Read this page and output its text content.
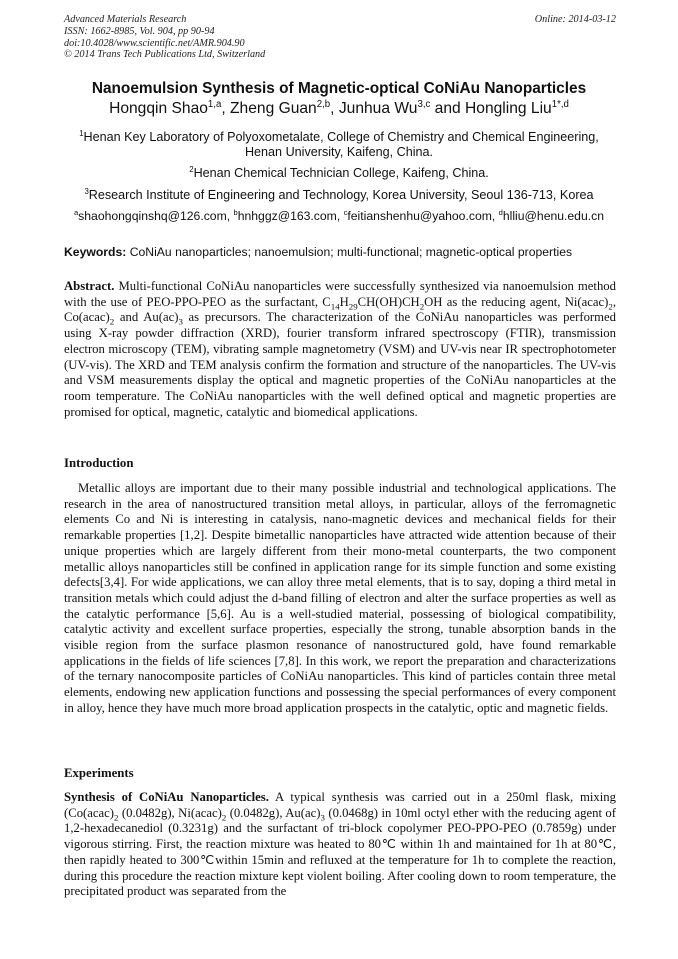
Advanced Materials Research
ISSN: 1662-8985, Vol. 904, pp 90-94
doi:10.4028/www.scientific.net/AMR.904.90
© 2014 Trans Tech Publications Ltd, Switzerland
Online: 2014-03-12
Nanoemulsion Synthesis of Magnetic-optical CoNiAu Nanoparticles
Hongqin Shao$^{1,a}$, Zheng Guan$^{2,b}$, Junhua Wu$^{3,c}$ and Hongling Liu$^{1*,d}$
$^1$Henan Key Laboratory of Polyoxometalate, College of Chemistry and Chemical Engineering,
Henan University, Kaifeng, China.
$^2$Henan Chemical Technician College, Kaifeng, China.
$^3$Research Institute of Engineering and Technology, Korea University, Seoul 136-713, Korea
$^a$shaohongqinshq@126.com, $^b$hnhggz@163.com, $^c$feitianshenhu@yahoo.com, $^d$hlliu@henu.edu.cn
Keywords: CoNiAu nanoparticles; nanoemulsion; multi-functional; magnetic-optical properties
Abstract. Multi-functional CoNiAu nanoparticles were successfully synthesized via nanoemulsion method with the use of PEO-PPO-PEO as the surfactant, $C_{14}H_{29}CH(OH)CH_2OH$ as the reducing agent, $Ni(acac)_2$, $Co(acac)_2$ and $Au(ac)_3$ as precursors. The characterization of the CoNiAu nanoparticles was performed using X-ray powder diffraction (XRD), fourier transform infrared spectroscopy (FTIR), transmission electron microscopy (TEM), vibrating sample magnetometry (VSM) and UV-vis near IR spectrophotometer (UV-vis). The XRD and TEM analysis confirm the formation and structure of the nanoparticles. The UV-vis and VSM measurements display the optical and magnetic properties of the CoNiAu nanoparticles at the room temperature. The CoNiAu nanoparticles with the well defined optical and magnetic properties are promised for optical, magnetic, catalytic and biomedical applications.
Introduction
Metallic alloys are important due to their many possible industrial and technological applications. The research in the area of nanostructured transition metal alloys, in particular, alloys of the ferromagnetic elements Co and Ni is interesting in catalysis, nano-magnetic devices and mechanical fields for their remarkable properties [1,2]. Despite bimetallic nanoparticles have attracted wide attention because of their unique properties which are largely different from their mono-metal counterparts, the two component metallic alloys nanoparticles still be confined in application range for its simple function and some existing defects[3,4]. For wide applications, we can alloy three metal elements, that is to say, doping a third metal in transition metals which could adjust the d-band filling of electron and alter the surface properties as well as the catalytic performance [5,6]. Au is a well-studied material, possessing of biological compatibility, catalytic activity and excellent surface properties, especially the strong, tunable absorption bands in the visible region from the surface plasmon resonance of nanostructured gold, have found remarkable applications in the fields of life sciences [7,8]. In this work, we report the preparation and characterizations of the ternary nanocomposite particles of CoNiAu nanoparticles. This kind of particles contain three metal elements, endowing new application functions and possessing the special performances of every component in alloy, hence they have much more broad application prospects in the catalytic, optic and magnetic fields.
Experiments
Synthesis of CoNiAu Nanoparticles. A typical synthesis was carried out in a 250ml flask, mixing ($Co(acac)_2$ (0.0482g), $Ni(acac)_2$ (0.0482g), $Au(ac)_3$ (0.0468g) in 10ml octyl ether with the reducing agent of 1,2-hexadecanediol (0.3231g) and the surfactant of tri-block copolymer PEO-PPO-PEO (0.7859g) under vigorous stirring. First, the reaction mixture was heated to 80℃ within 1h and maintained for 1h at 80℃, then rapidly heated to 300℃within 15min and refluxed at the temperature for 1h to complete the reaction, during this procedure the reaction mixture kept violent boiling. After cooling down to room temperature, the precipitated product was separated from the
